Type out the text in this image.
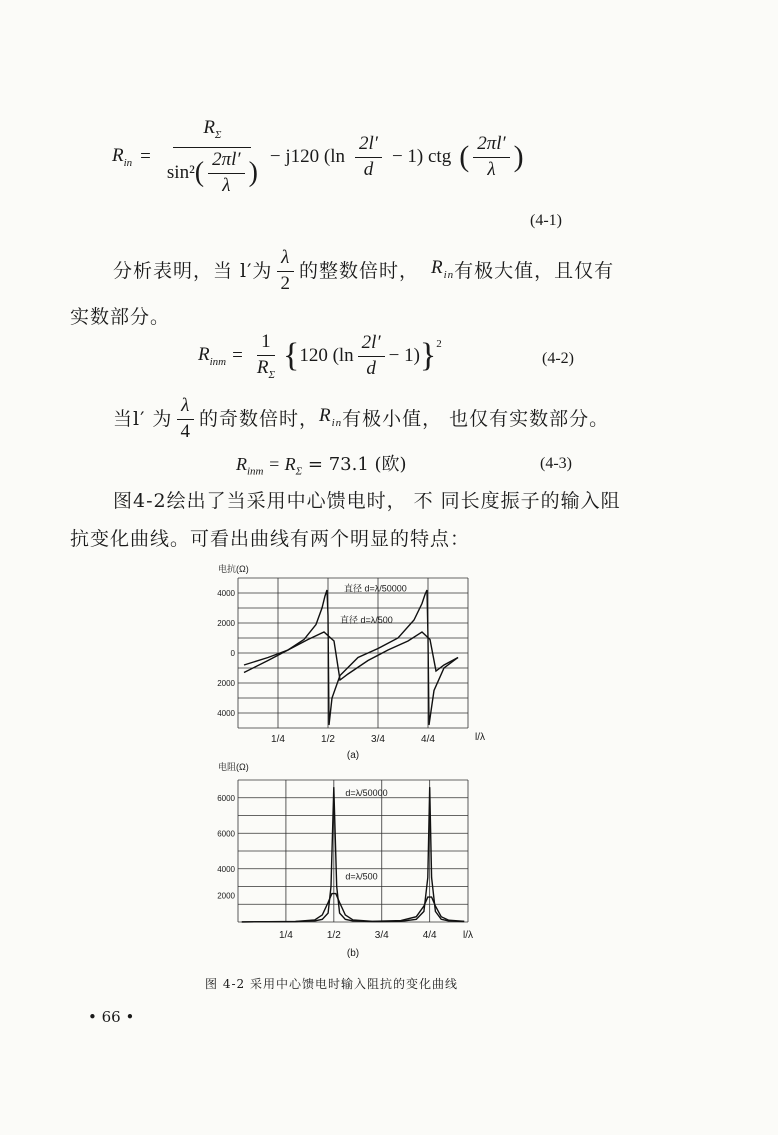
$R_{in} = \frac{R_\Sigma}{\sin^2 ( \frac{2\pi l'}{\lambda} )} - j120$ $(\ln \frac{2l'}{d} - 1)$ ctg ( $\frac{2\pi l'}{\lambda}$ )
(4-1)
分析表明，当 l′为 $\frac{\lambda}{2}$ 的整数倍时， $R_{in}$ 有极大值，且仅有
实数部分。
$R_{inm} = \frac{1}{R_\Sigma}$ { 120 $(\ln \frac{2l'}{d} - 1)$ }$^2$
(4-2)
当l′ 为 $\frac{\lambda}{4}$ 的奇数倍时， $R_{in}$ 有极小值， 也仅有实数部分。
$R_{inm} = R_\Sigma = 73.1$ (欧)	(4-3)
图4-2绘出了当采用中心馈电时， 不 同长度振子的输入阻
抗变化曲线。可看出曲线有两个明显的特点：
电抗(Ω)
4000
2000
0
2000
4000
1/4	1/2	3/4	4/4	l/λ
(a)
直径 d=λ/50000
直径 d=λ/500
电阻(Ω)
6000
6000
4000
2000
1/4	1/2	3/4	4/4	l/λ
(b)
d=λ/50000
d=λ/500
图 4-2 采用中心馈电时输入阻抗的变化曲线
• 66 •
